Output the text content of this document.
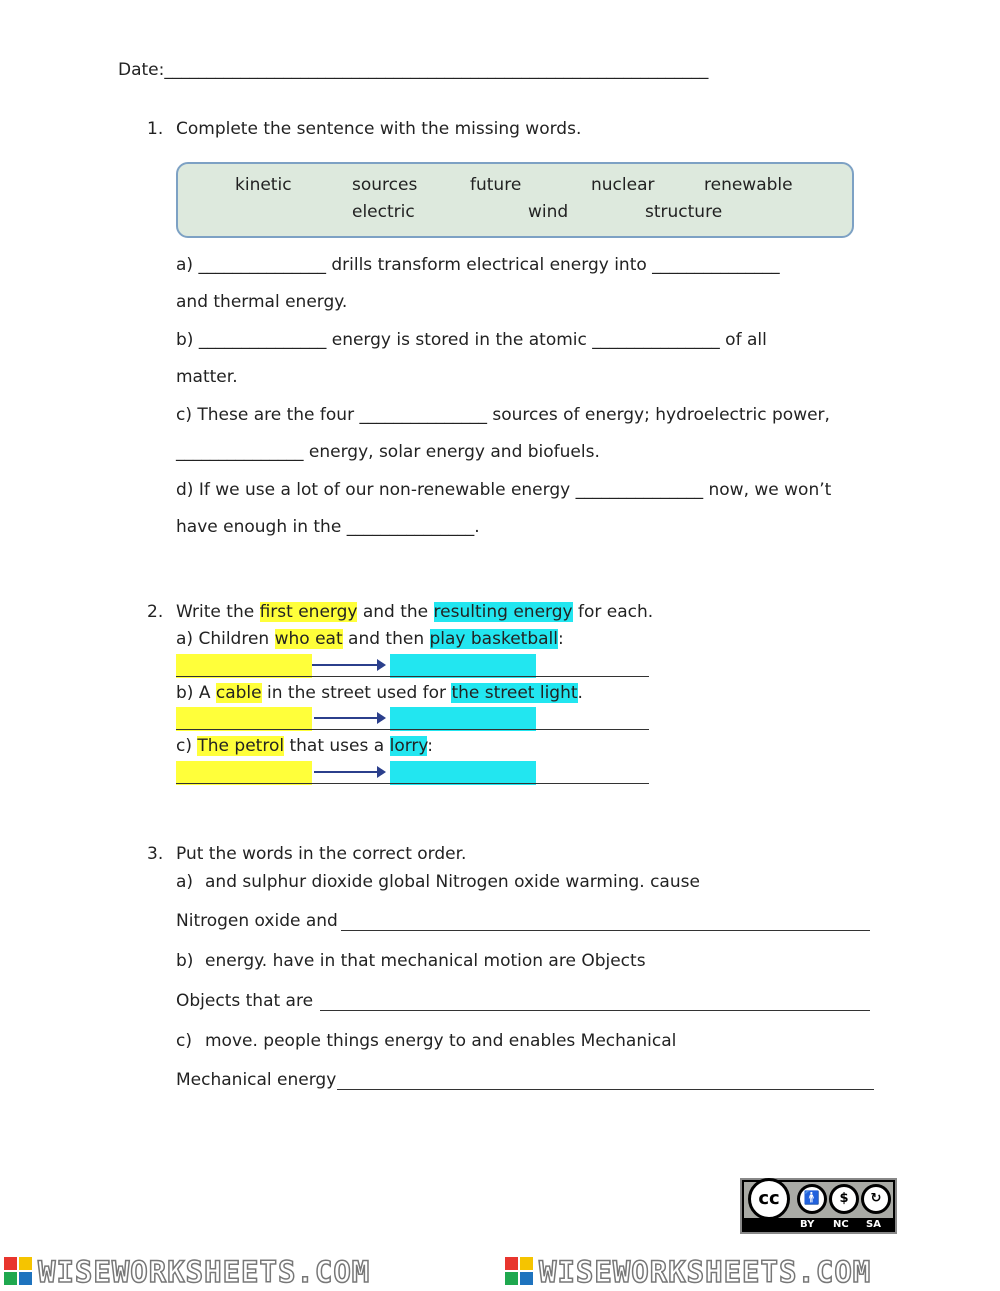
Date:________________________________________________________________
1. Complete the sentence with the missing words.
kinetic	sources	future	nuclear	renewable
electric	wind	structure
a) _______________ drills transform electrical energy into _______________
and thermal energy.
b) _______________ energy is stored in the atomic _______________ of all
matter.
c) These are the four _______________ sources of energy; hydroelectric power,
_______________ energy, solar energy and biofuels.
d) If we use a lot of our non-renewable energy _______________ now, we won’t
have enough in the _______________.
2. Write the first energy and the resulting energy for each.
a) Children who eat and then play basketball:
b) A cable in the street used for the street light.
c) The petrol that uses a lorry:
3. Put the words in the correct order.
a) and sulphur dioxide global Nitrogen oxide warming. cause
Nitrogen oxide and
b) energy. have in that mechanical motion are Objects
Objects that are
c) move. people things energy to and enables Mechanical
Mechanical energy
cc	🚹	$	↻
BY NC SA
WISEWORKSHEETS.COM	WISEWORKSHEETS.COM
